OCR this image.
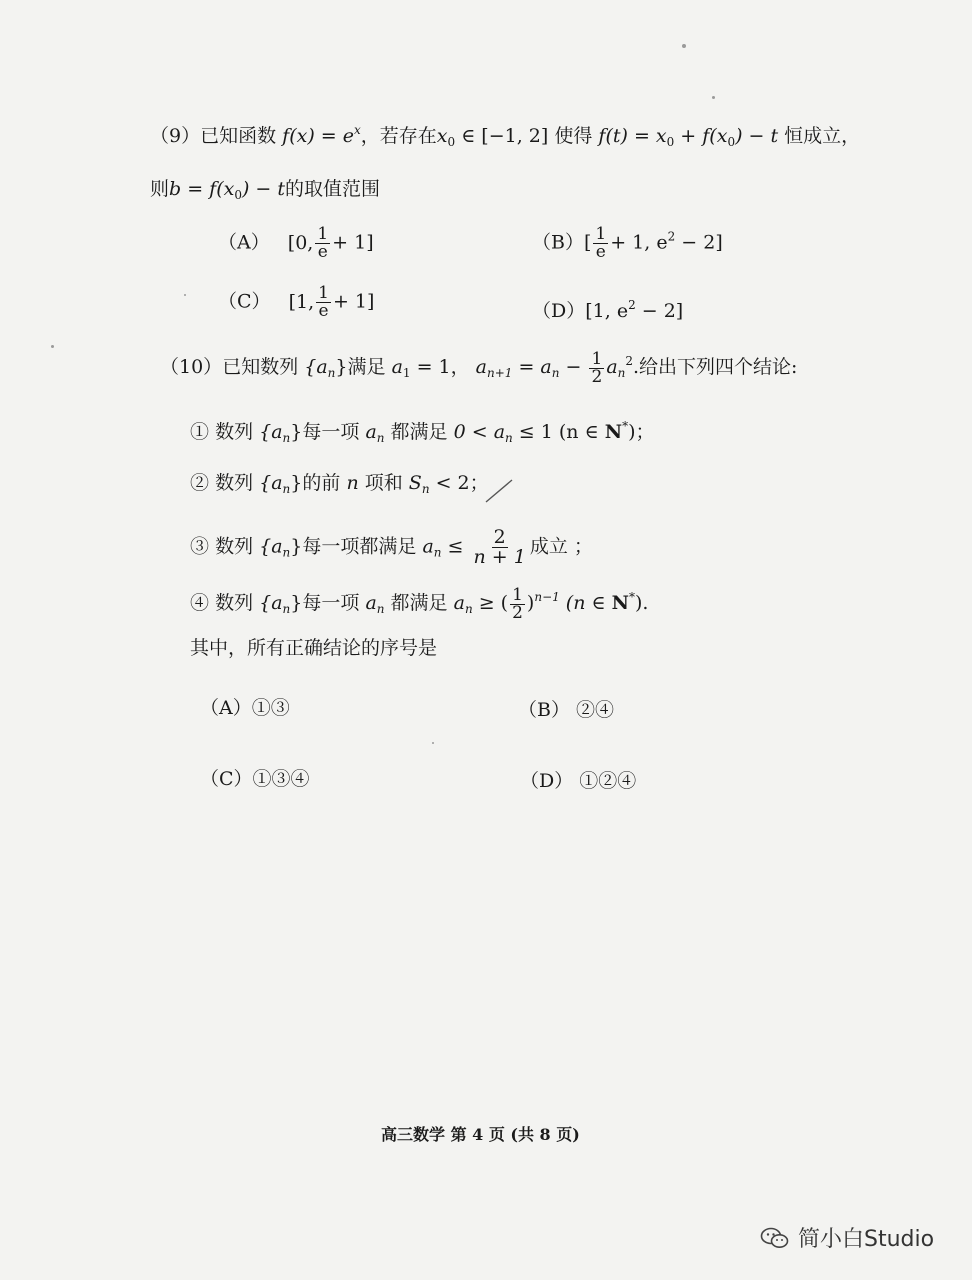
（9）已知函数 $f(x) = e^x$，若存在$x_0$ ∈ [−1, 2] 使得 $f(t) = x_0 + f(x_0) - t$ 恒成立，
则$b = f(x_0) - t$的取值范围
（A） [0, $\frac{1}{e} + 1$]	$(B)[ \frac{1}{e} + 1$, $e^2 - 2$]
（C） [1, $\frac{1}{e} + 1$]	（D）[1, $e^2 - 2$]
（10）已知数列 $\{a_n\}$满足 $a_1 = 1$， $a_{n+1} = a_n - \frac{1}{2} a_n^2$.给出下列四个结论:
① 数列 $\{a_n\}$每一项 $a_n$ 都满足 $0 < a_n \le 1$ (n ∈ N*)；
② 数列 $\{a_n\}$的前 n 项和 $S_n < 2$；
③ 数列 $\{a_n\}$每一项都满足 $a_n \le \frac{2}{n + 1}$ 成立 ；
④ 数列 $\{a_n\}$每一项 $a_n$ 都满足 $a_n$ ≥ ( $\frac{1}{2} )^{n-1}$ (n ∈ N*).
其中，所有正确结论的序号是
（A）①③	（B） ②④
（C）①③④	（D） ①②④
高三数学 第 4 页 (共 8 页)
简小白Studio
